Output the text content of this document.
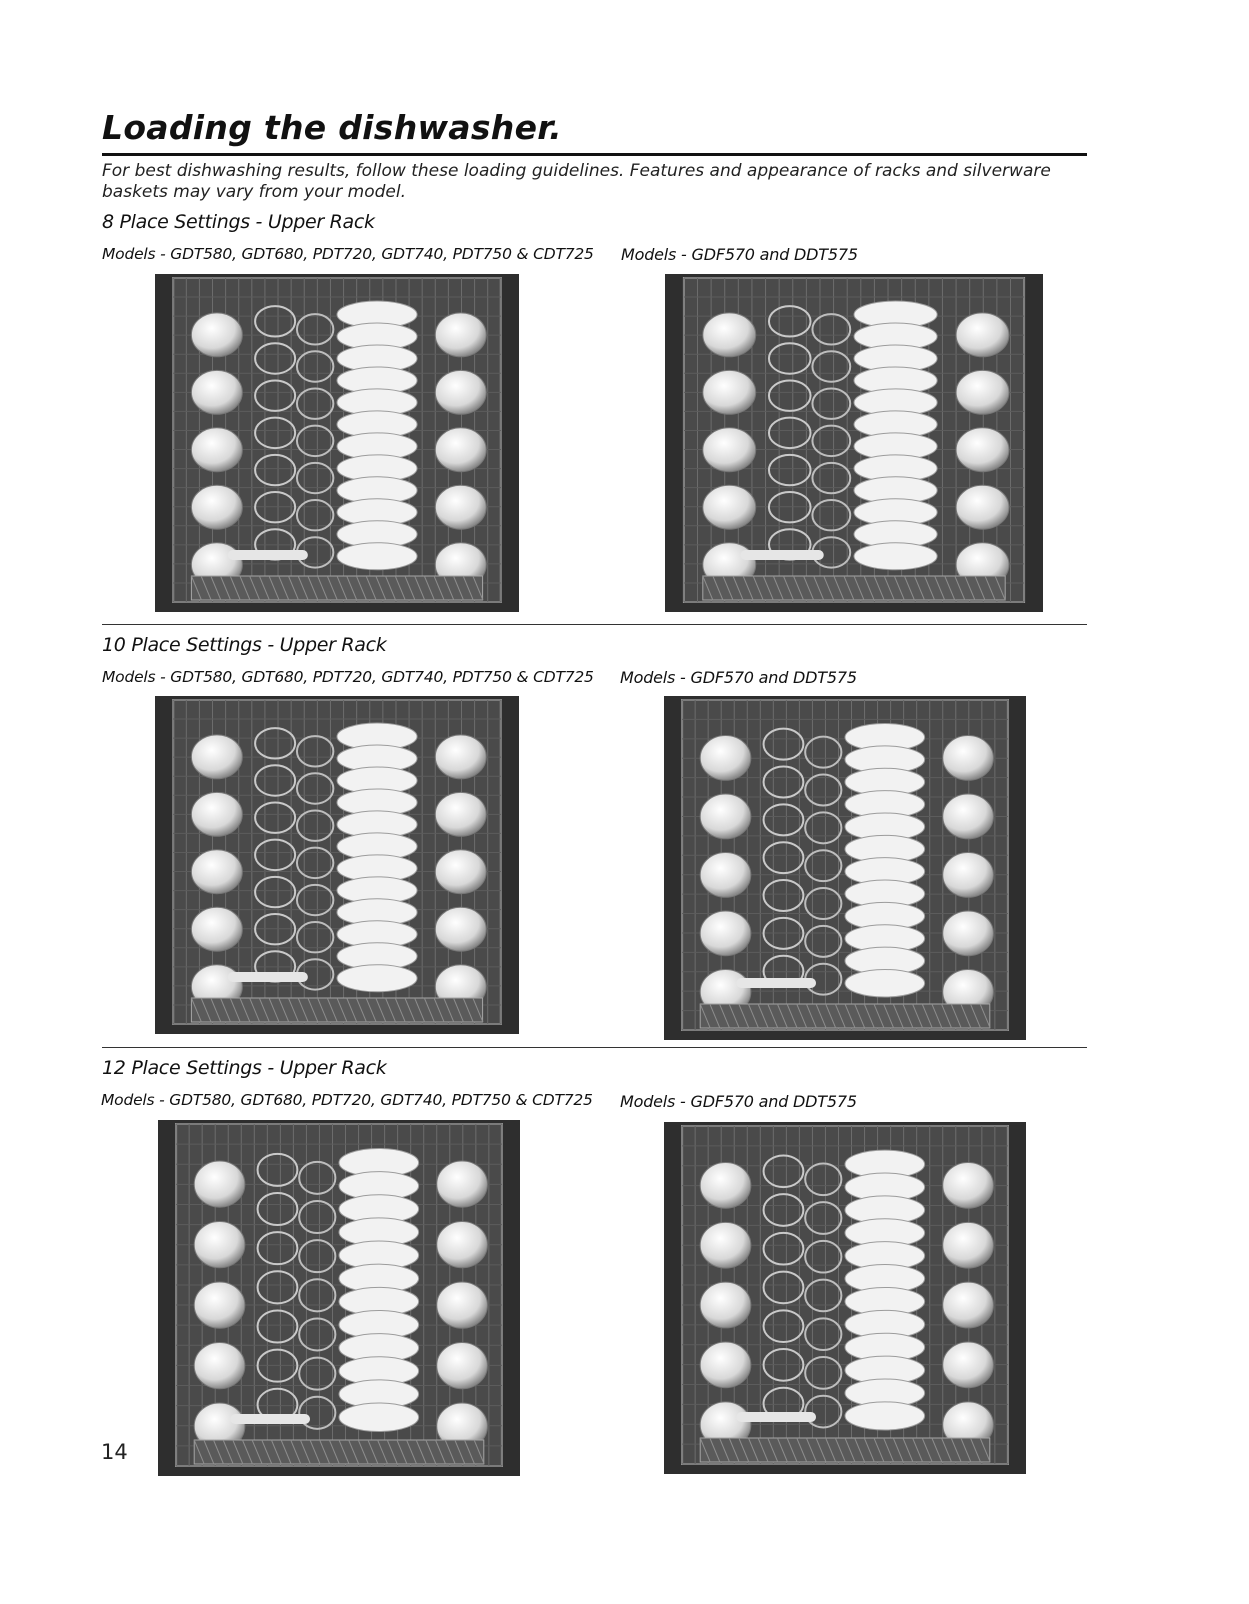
Loading the dishwasher.
For best dishwashing results, follow these loading guidelines. Features and appearance of racks and silverware baskets may vary from your model.
8 Place Settings - Upper Rack
Models - GDT580, GDT680, PDT720, GDT740, PDT750 & CDT725 Models - GDF570 and DDT575
10 Place Settings - Upper Rack
Models - GDT580, GDT680, PDT720, GDT740, PDT750 & CDT725 Models - GDF570 and DDT575
12 Place Settings - Upper Rack
Models - GDT580, GDT680, PDT720, GDT740, PDT750 & CDT725 Models - GDF570 and DDT575
14
